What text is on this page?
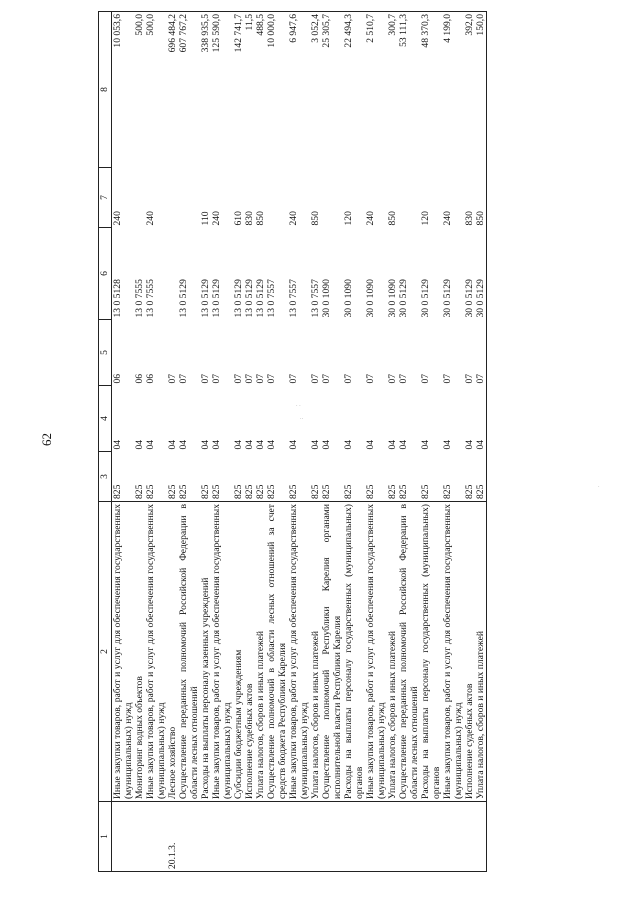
62
· ·
··
·
1	2	3	4	5	6	7	8
	Иные закупки товаров, работ и услуг для обеспечения государственных (муниципальных) нужд	825	04	06	13 0 5128	240	10 053,6
	Мониторинг водных объектов	825	04	06	13 0 7555		500,0
	Иные закупки товаров, работ и услуг для обеспечения государственных (муниципальных) нужд	825	04	06	13 0 7555	240	500,0
20.1.3.	Лесное хозяйство	825	04	07			696 484,2
	Осуществление переданных полномочий Российской Федерации в области лесных отношений	825	04	07	13 0 5129		607 767,2
	Расходы на выплаты персоналу казенных учреждений	825	04	07	13 0 5129	110	338 935,5
	Иные закупки товаров, работ и услуг для обеспечения государственных (муниципальных) нужд	825	04	07	13 0 5129	240	125 590,0
	Субсидии бюджетным учреждениям	825	04	07	13 0 5129	610	142 741,7
	Исполнение судебных актов	825	04	07	13 0 5129	830	11,5
	Уплата налогов, сборов и иных платежей	825	04	07	13 0 5129	850	488,5
	Осуществление полномочий в области лесных отношений за счет средств бюджета Республики Карелия	825	04	07	13 0 7557		10 000,0
	Иные закупки товаров, работ и услуг для обеспечения государственных (муниципальных) нужд	825	04	07	13 0 7557	240	6 947,6
	Уплата налогов, сборов и иных платежей	825	04	07	13 0 7557	850	3 052,4
	Осуществление полномочий Республики Карелия органами исполнительной власти Республики Карелия	825	04	07	30 0 1090		25 305,7
	Расходы на выплаты персоналу государственных (муниципальных) органов	825	04	07	30 0 1090	120	22 494,3
	Иные закупки товаров, работ и услуг для обеспечения государственных (муниципальных) нужд	825	04	07	30 0 1090	240	2 510,7
	Уплата налогов, сборов и иных платежей	825	04	07	30 0 1090	850	300,7
	Осуществление переданных полномочий Российской Федерации в области лесных отношений	825	04	07	30 0 5129		53 111,3
	Расходы на выплаты персоналу государственных (муниципальных) органов	825	04	07	30 0 5129	120	48 370,3
	Иные закупки товаров, работ и услуг для обеспечения государственных (муниципальных) нужд	825	04	07	30 0 5129	240	4 199,0
	Исполнение судебных актов	825	04	07	30 0 5129	830	392,0
	Уплата налогов, сборов и иных платежей	825	04	07	30 0 5129	850	150,0
